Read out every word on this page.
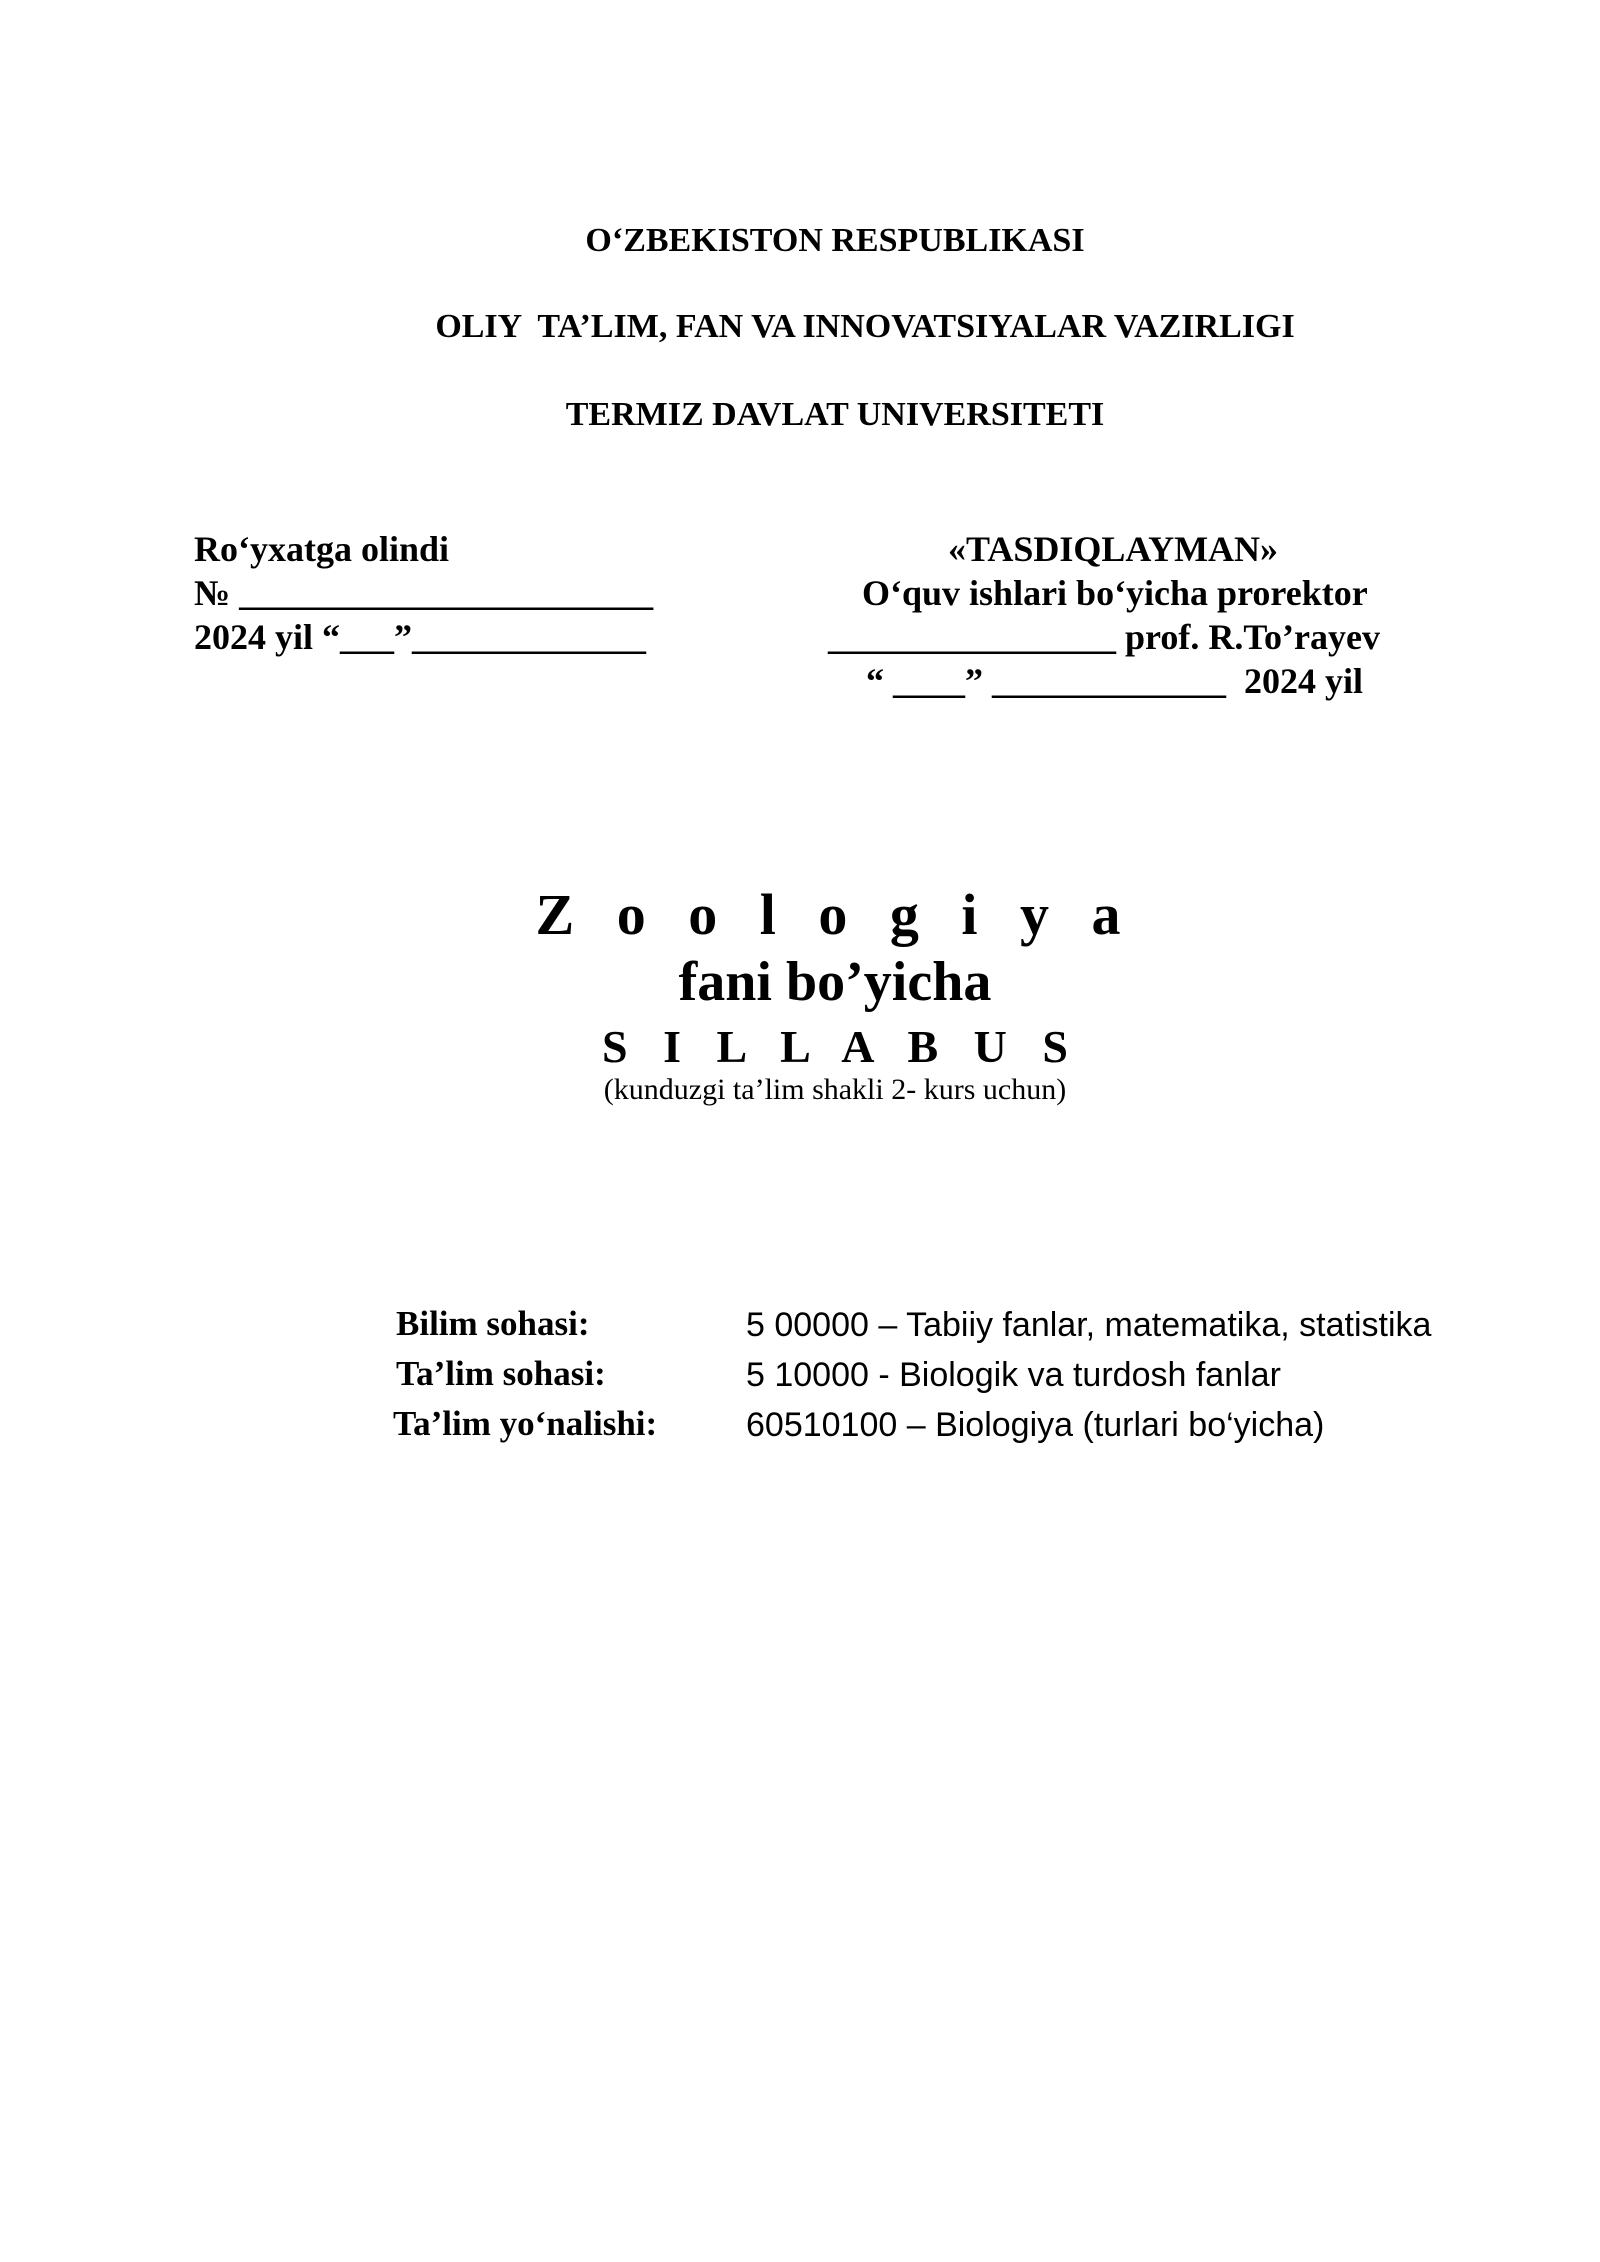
O‘ZBEKISTON RESPUBLIKASI
OLIY  TA’LIM, FAN VA INNOVATSIYALAR VAZIRLIGI
TERMIZ DAVLAT UNIVERSITETI
Ro‘yxatga olindi
№ _______________________
2024 yil “___”_____________
«TASDIQLAYMAN»
O‘quv ishlari bo‘yicha prorektor
________________ prof. R.To’rayev
“ ____” _____________  2024 yil
Z o o l o g i y a
fani bo’yicha
S I L L A B U S
(kunduzgi ta’lim shakli 2- kurs uchun)
Bilim sohasi:	5 00000 – Tabiiy fanlar, matematika, statistika
Ta’lim sohasi:	5 10000 - Biologik va turdosh fanlar
Ta’lim yo‘nalishi:	60510100 – Biologiya (turlari bo‘yicha)
